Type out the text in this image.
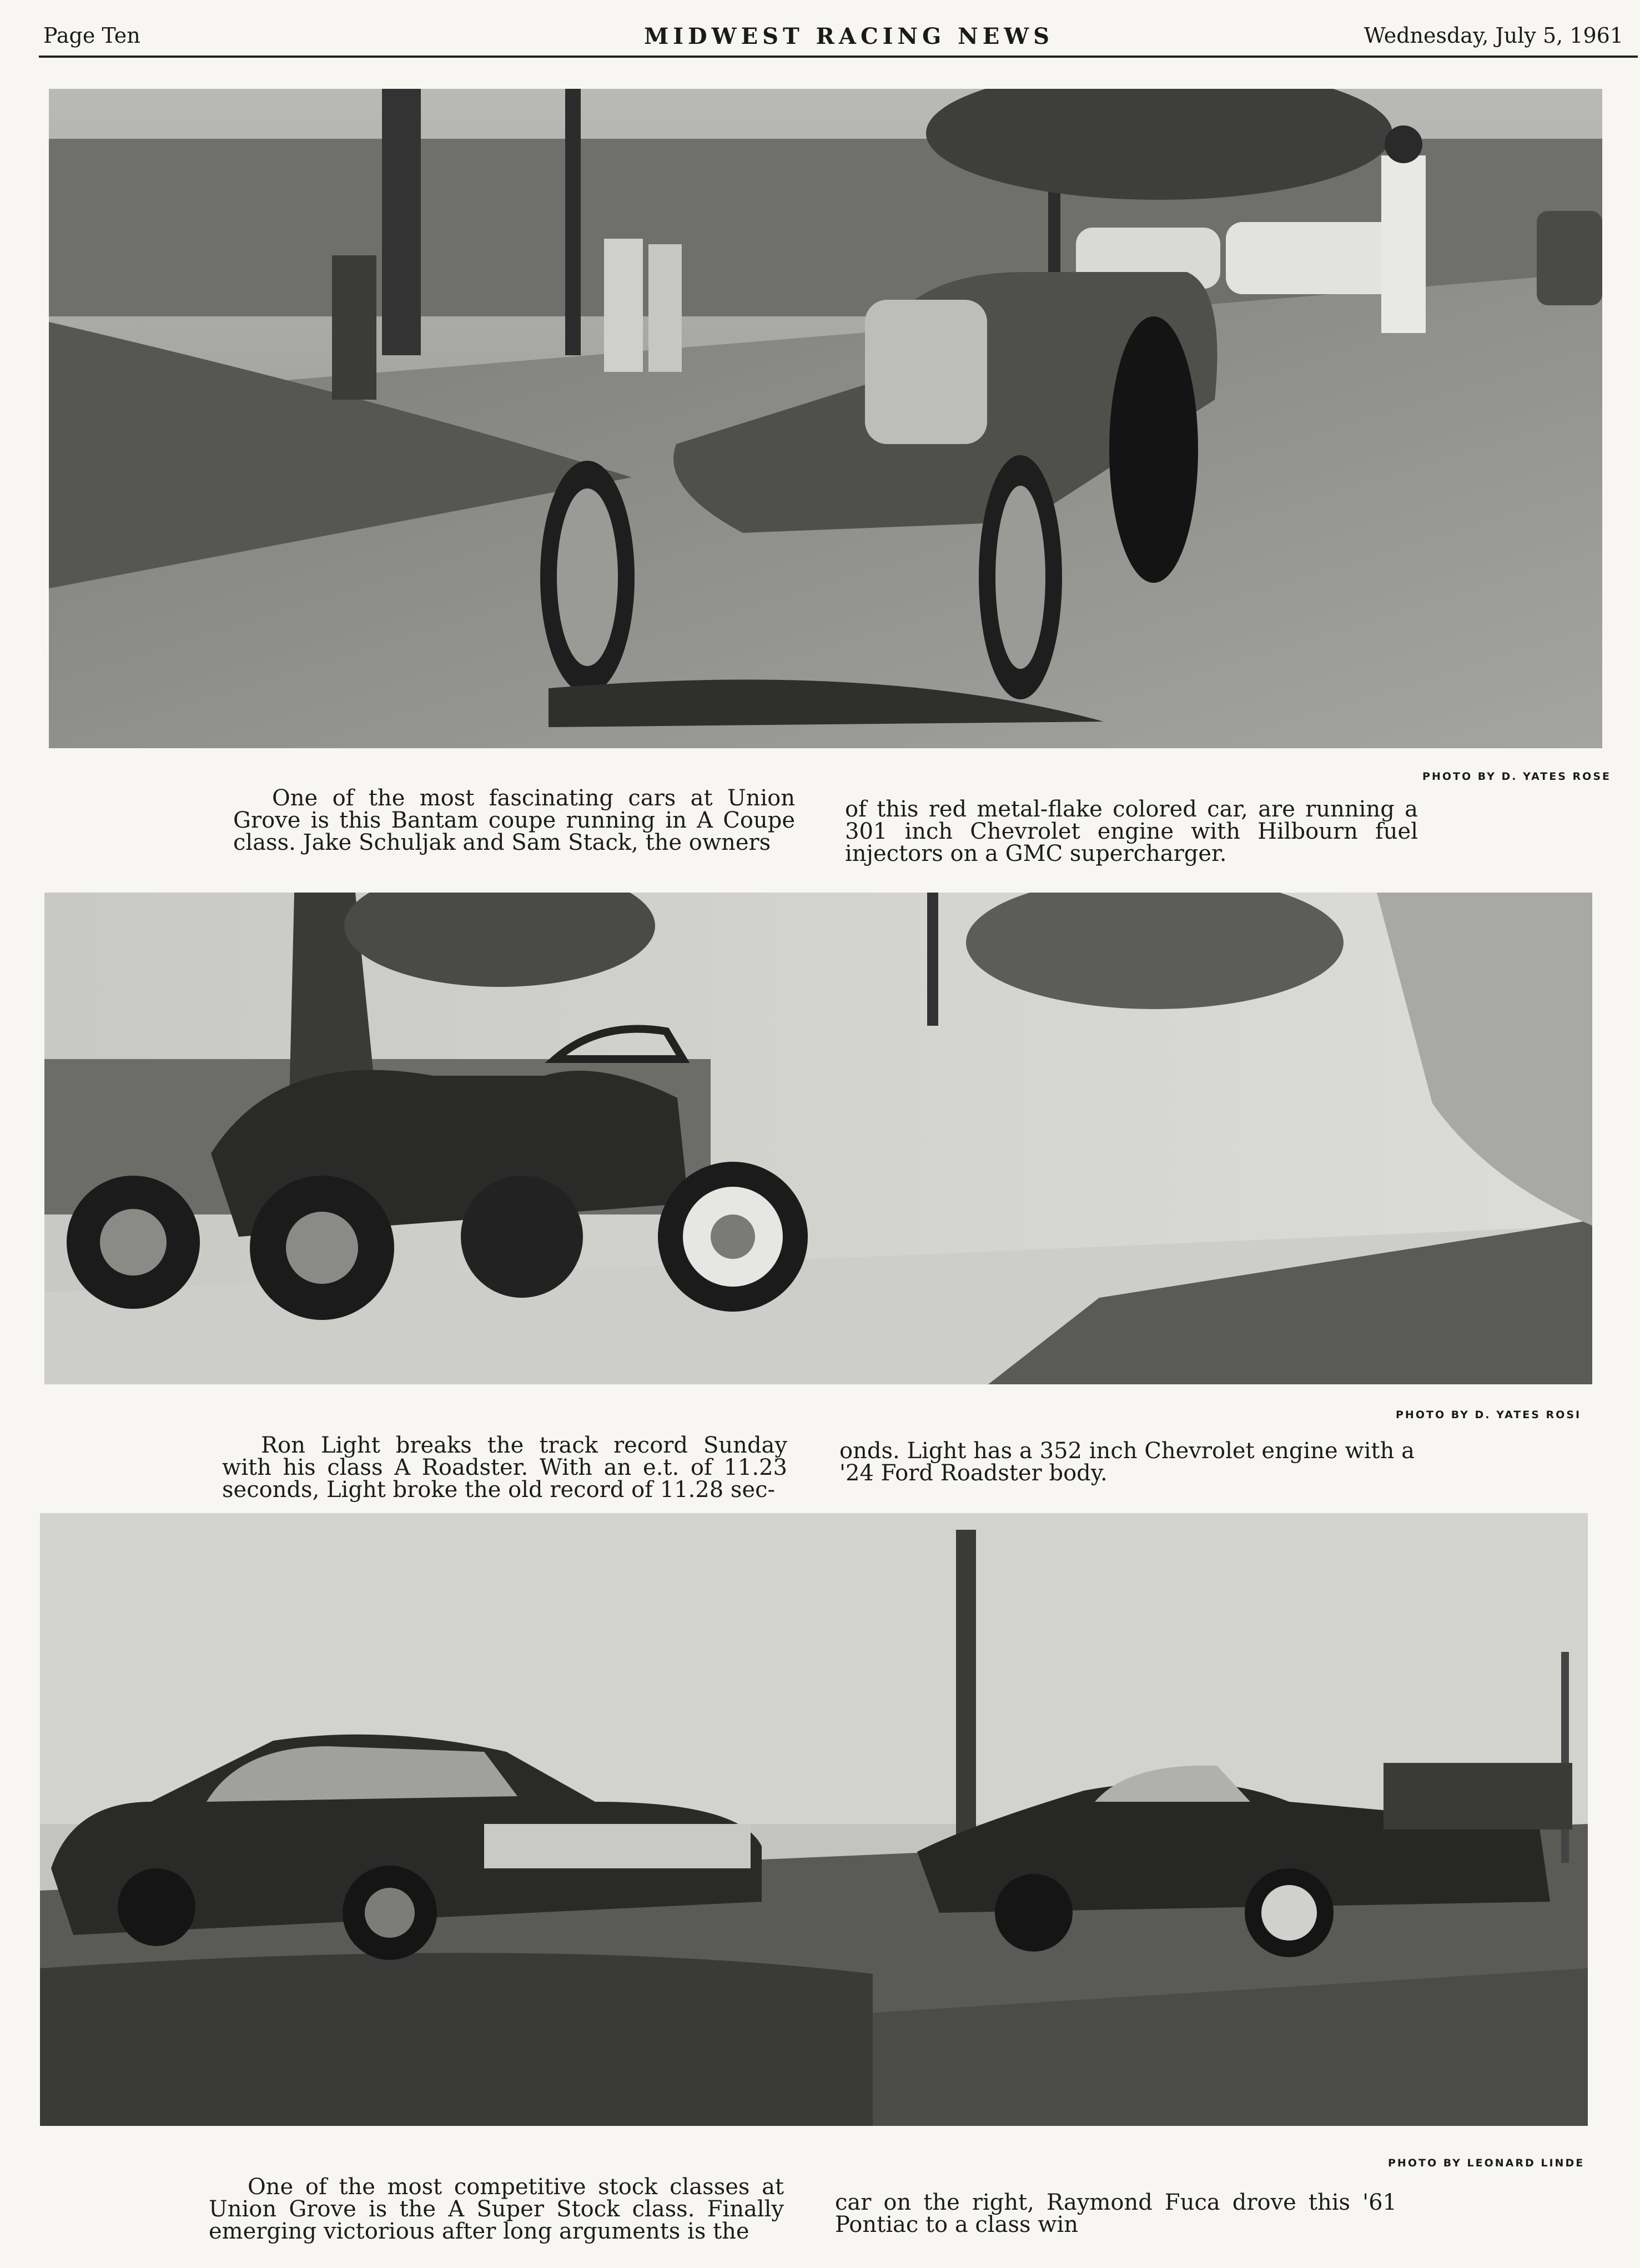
Page Ten	MIDWEST RACING NEWS	Wednesday, July 5, 1961
PHOTO BY D. YATES ROSE
One of the most fascinating cars at Union Grove is this Bantam coupe running in A Coupe class. Jake Schuljak and Sam Stack, the owners
of this red metal-flake colored car, are running a 301 inch Chevrolet engine with Hilbourn fuel injectors on a GMC supercharger.
PHOTO BY D. YATES ROSI
Ron Light breaks the track record Sunday with his class A Roadster. With an e.t. of 11.23 seconds, Light broke the old record of 11.28 sec-
onds. Light has a 352 inch Chevrolet engine with a '24 Ford Roadster body.
PHOTO BY LEONARD LINDE
One of the most competitive stock classes at Union Grove is the A Super Stock class. Finally emerging victorious after long arguments is the
car on the right, Raymond Fuca drove this '61 Pontiac to a class win
